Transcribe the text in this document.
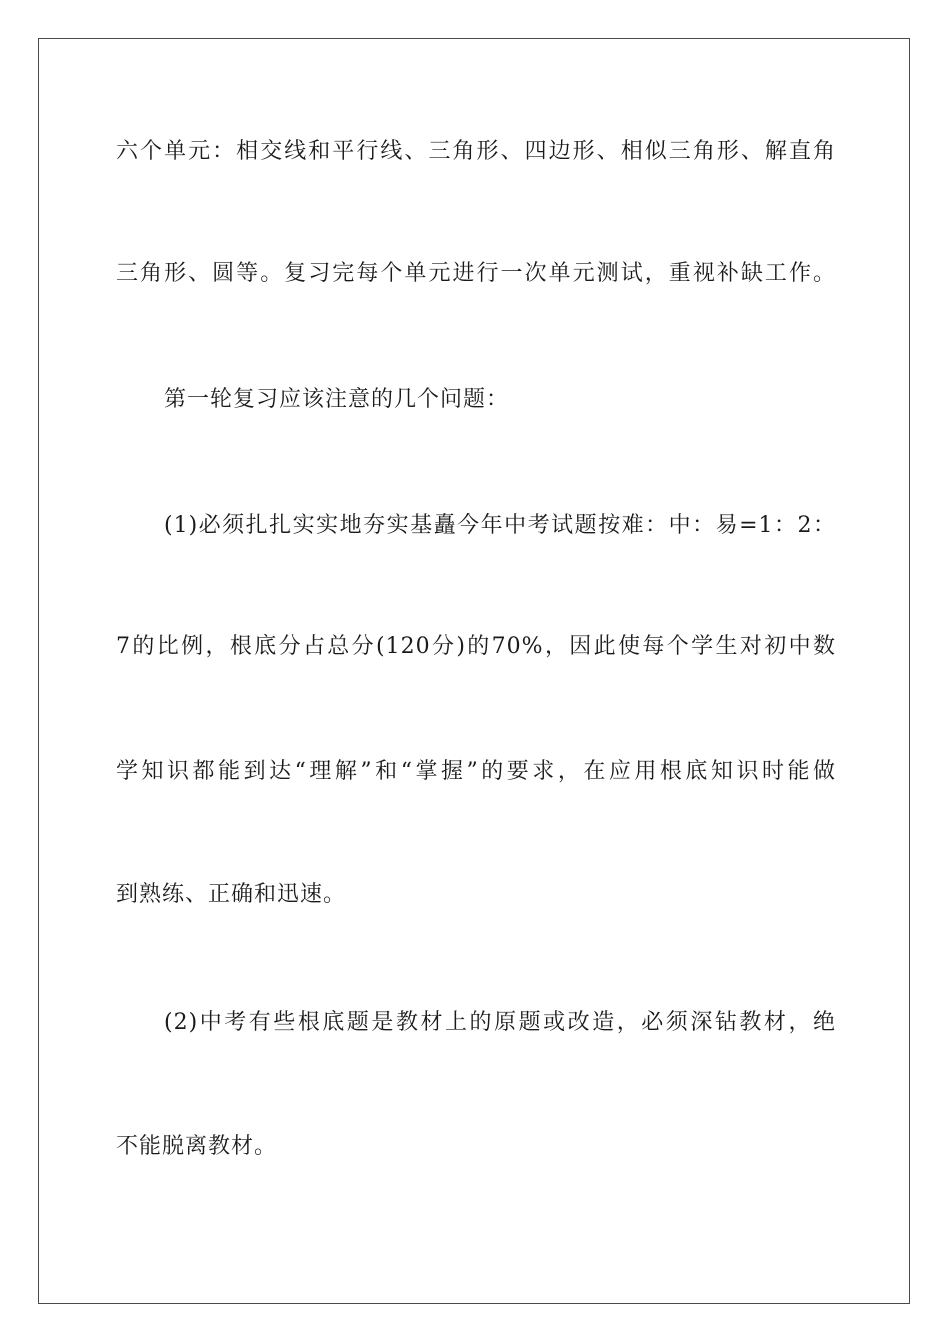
六个单元：相交线和平行线、三角形、四边形、相似三角形、解直角
三角形、圆等。复习完每个单元进行一次单元测试，重视补缺工作。
第一轮复习应该注意的几个问题：
(1)必须扎扎实实地夯实基矗今年中考试题按难：中：易=1：2：
7的比例，根底分占总分(120分)的70%，因此使每个学生对初中数
学知识都能到达“理解”和“掌握”的要求，在应用根底知识时能做
到熟练、正确和迅速。
(2)中考有些根底题是教材上的原题或改造，必须深钻教材，绝
不能脱离教材。
